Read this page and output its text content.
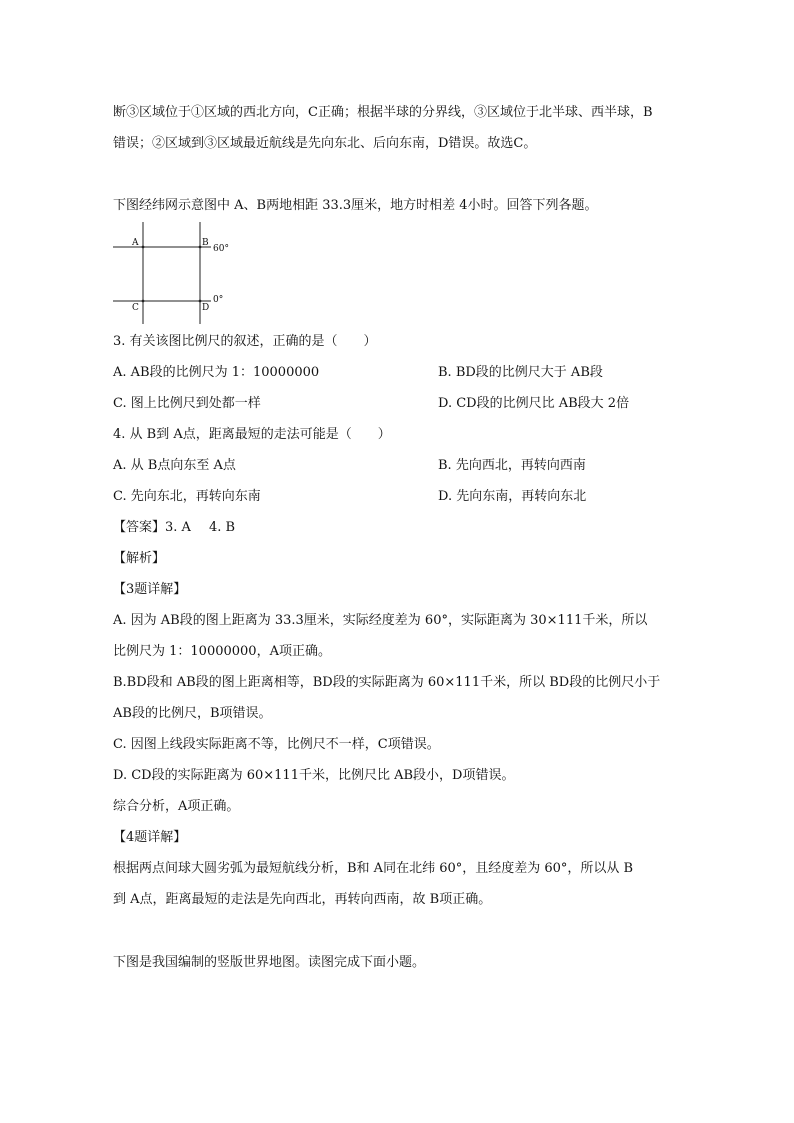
断③区域位于①区域的西北方向，C正确；根据半球的分界线，③区域位于北半球、西半球，B
错误；②区域到③区域最近航线是先向东北、后向东南，D错误。故选C。
下图经纬网示意图中 A、B两地相距 33.3厘米，地方时相差 4小时。回答下列各题。
A	B
C	D
60°
0°
3. 有关该图比例尺的叙述，正确的是（　　）
A. AB段的比例尺为 1：10000000	B. BD段的比例尺大于 AB段
C. 图上比例尺到处都一样	D. CD段的比例尺比 AB段大 2倍
4. 从 B到 A点，距离最短的走法可能是（　　）
A. 从 B点向东至 A点	B. 先向西北，再转向西南
C. 先向东北，再转向东南	D. 先向东南，再转向东北
【答案】3. A 4. B
【解析】
【3题详解】
A. 因为 AB段的图上距离为 33.3厘米，实际经度差为 60°，实际距离为 30×111千米，所以
比例尺为 1：10000000，A项正确。
B.BD段和 AB段的图上距离相等，BD段的实际距离为 60×111千米，所以 BD段的比例尺小于
AB段的比例尺，B项错误。
C. 因图上线段实际距离不等，比例尺不一样，C项错误。
D. CD段的实际距离为 60×111千米，比例尺比 AB段小，D项错误。
综合分析，A项正确。
【4题详解】
根据两点间球大圆劣弧为最短航线分析，B和 A同在北纬 60°，且经度差为 60°，所以从 B
到 A点，距离最短的走法是先向西北，再转向西南，故 B项正确。
下图是我国编制的竖版世界地图。读图完成下面小题。
